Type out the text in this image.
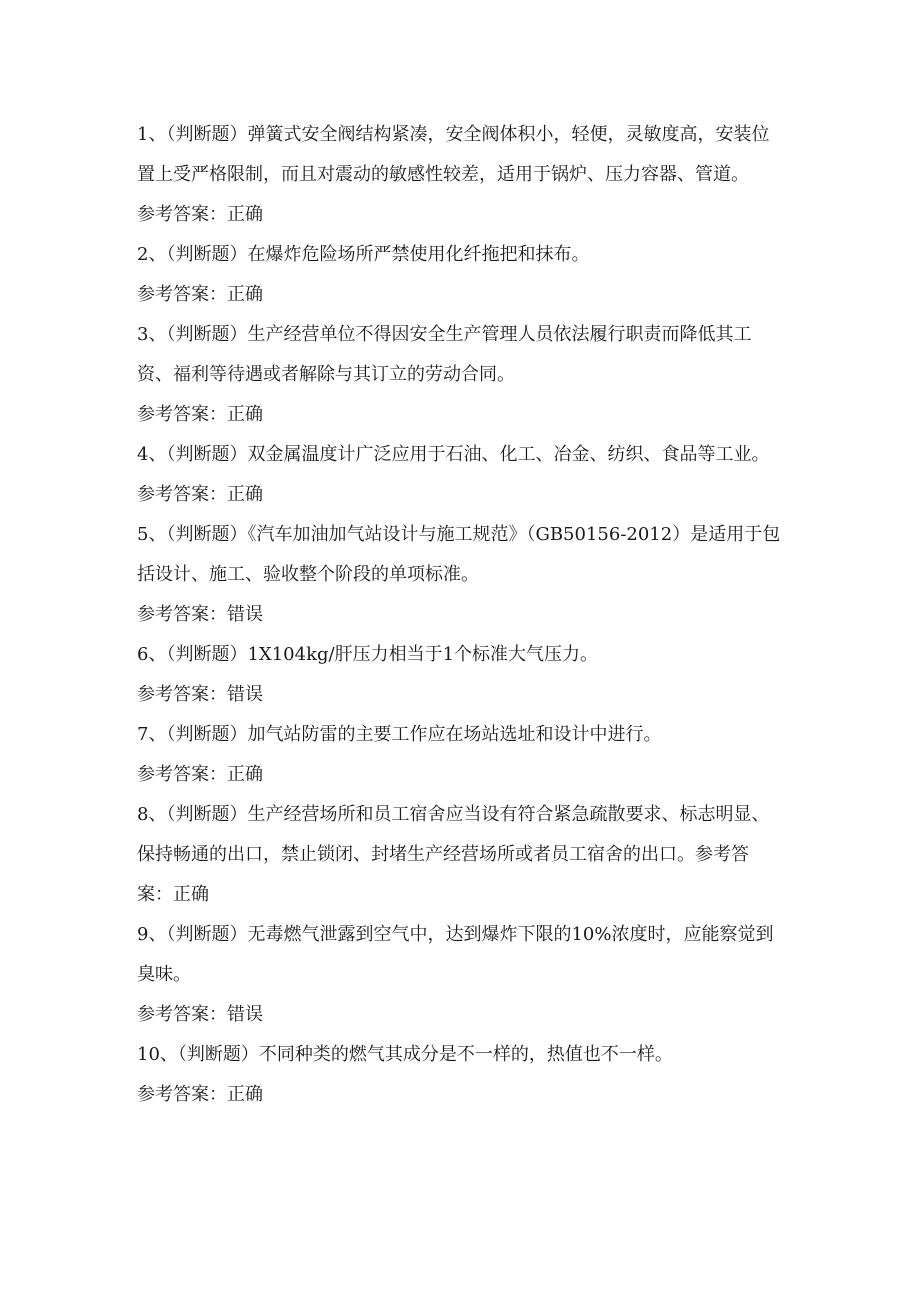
1、（判断题）弹簧式安全阀结构紧凑，安全阀体积小，轻便，灵敏度高，安装位置上受严格限制，而且对震动的敏感性较差，适用于锅炉、压力容器、管道。

参考答案：正确

2、（判断题）在爆炸危险场所严禁使用化纤拖把和抹布。

参考答案：正确

3、（判断题）生产经营单位不得因安全生产管理人员依法履行职责而降低其工资、福利等待遇或者解除与其订立的劳动合同。

参考答案：正确

4、（判断题）双金属温度计广泛应用于石油、化工、冶金、纺织、食品等工业。

参考答案：正确

5、（判断题）《汽车加油加气站设计与施工规范》（GB50156-2012）是适用于包括设计、施工、验收整个阶段的单项标准。

参考答案：错误

6、（判断题）1X104kg/肝压力相当于1个标准大气压力。

参考答案：错误

7、（判断题）加气站防雷的主要工作应在场站选址和设计中进行。

参考答案：正确

8、（判断题）生产经营场所和员工宿舍应当设有符合紧急疏散要求、标志明显、保持畅通的出口，禁止锁闭、封堵生产经营场所或者员工宿舍的出口。参考答案：正确

9、（判断题）无毒燃气泄露到空气中，达到爆炸下限的10%浓度时，应能察觉到臭味。

参考答案：错误

10、（判断题）不同种类的燃气其成分是不一样的，热值也不一样。

参考答案：正确
